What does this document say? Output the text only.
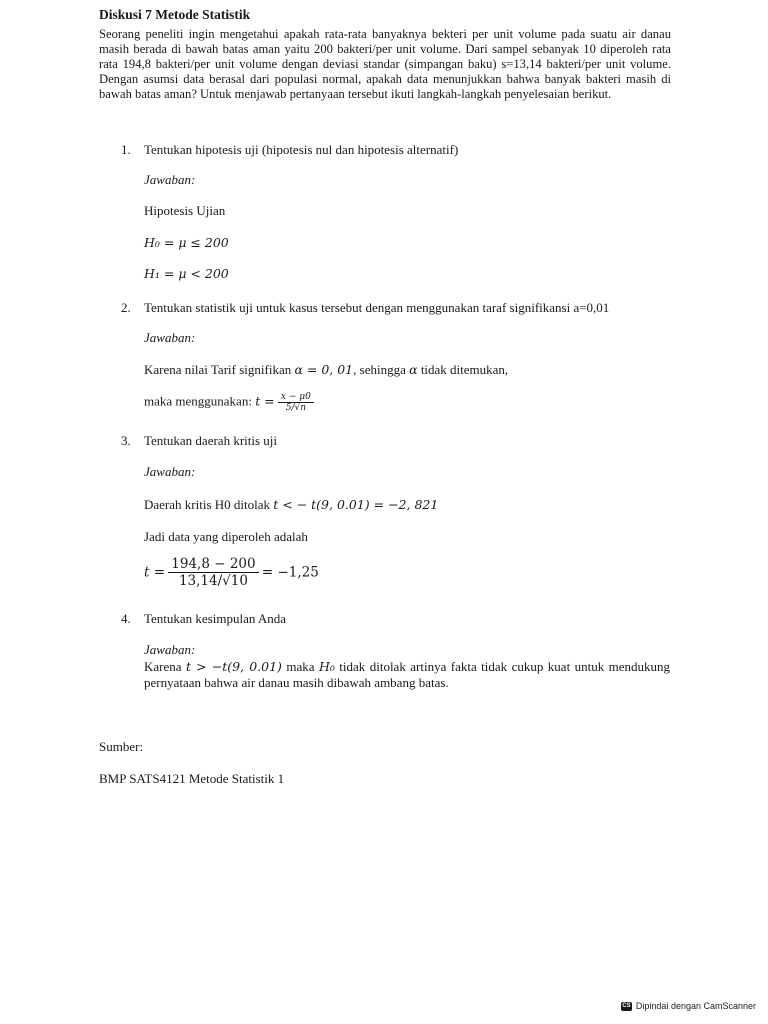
Diskusi 7 Metode Statistik
Seorang peneliti ingin mengetahui apakah rata-rata banyaknya bekteri per unit volume pada suatu air danau masih berada di bawah batas aman yaitu 200 bakteri/per unit volume. Dari sampel sebanyak 10 diperoleh rata rata 194,8 bakteri/per unit volume dengan deviasi standar (simpangan baku) s=13,14 bakteri/per unit volume. Dengan asumsi data berasal dari populasi normal, apakah data menunjukkan bahwa banyak bakteri masih di bawah batas aman? Untuk menjawab pertanyaan tersebut ikuti langkah-langkah penyelesaian berikut.
1. Tentukan hipotesis uji (hipotesis nul dan hipotesis alternatif)
Jawaban:
Hipotesis Ujian
H₀ = μ ≤ 200
H₁ = μ < 200
2. Tentukan statistik uji untuk kasus tersebut dengan menggunakan taraf signifikansi a=0,01
Jawaban:
Karena nilai Tarif signifikan α = 0, 01, sehingga α tidak ditemukan,
maka menggunakan: $t = \frac{x - \mu 0}{5/√n}$
3. Tentukan daerah kritis uji
Jawaban:
Daerah kritis H0 ditolak t < − t(9, 0.01) = −2, 821
Jadi data yang diperoleh adalah
$t = \frac{194,8 - 200}{13,14/√10} = -1,25$
4. Tentukan kesimpulan Anda
Jawaban:
Karena t > −t(9, 0.01) maka H₀ tidak ditolak artinya fakta tidak cukup kuat untuk mendukung pernyataan bahwa air danau masih dibawah ambang batas.
Sumber:
BMP SATS4121 Metode Statistik 1
CS Dipindai dengan CamScanner
